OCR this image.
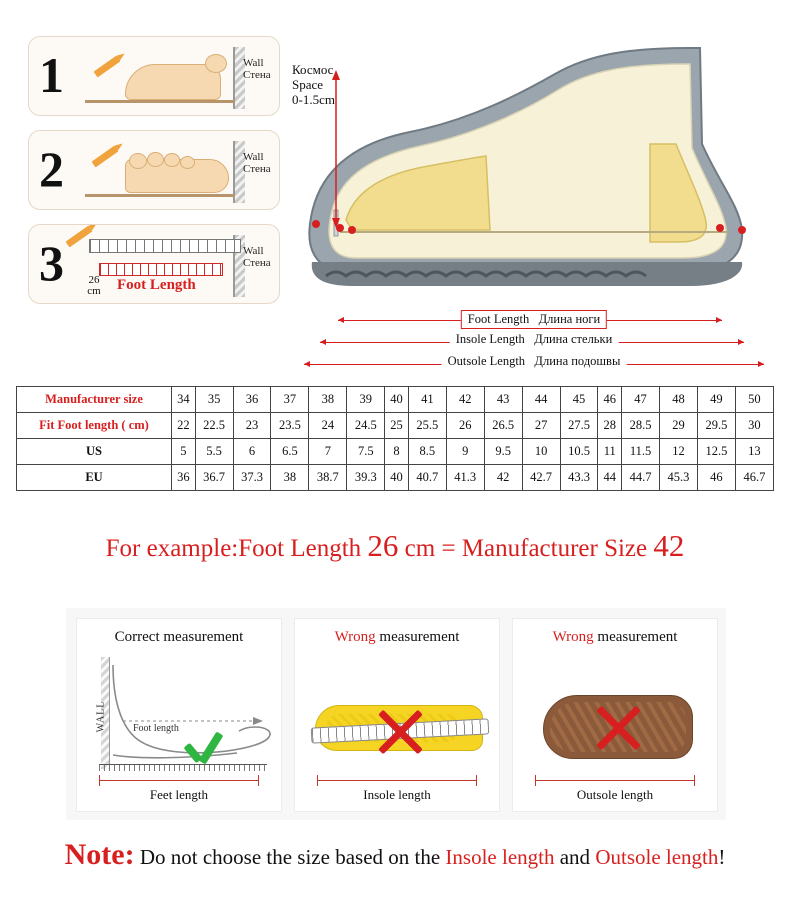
1	Wall
Стена
2	Wall
Стена
3	Wall
Стена
26
cm	Foot Length
Космос
Space
0-1.5cm
Foot Length Длина ноги
Insole Length Длина стельки
Outsole Length Длина подошвы
Manufacturer size	34	35	36	37	38	39	40	41	42	43	44	45	46	47	48	49	50
Fit Foot length ( cm)	22	22.5	23	23.5	24	24.5	25	25.5	26	26.5	27	27.5	28	28.5	29	29.5	30
US	5	5.5	6	6.5	7	7.5	8	8.5	9	9.5	10	10.5	11	11.5	12	12.5	13
EU	36	36.7	37.3	38	38.7	39.3	40	40.7	41.3	42	42.7	43.3	44	44.7	45.3	46	46.7
For example:Foot Length 26 cm = Manufacturer Size 42
Correct measurement
WALL	Foot length
Feet length
Wrong measurement
Insole length
Wrong measurement
Outsole length
Note: Do not choose the size based on the Insole length and Outsole length!
